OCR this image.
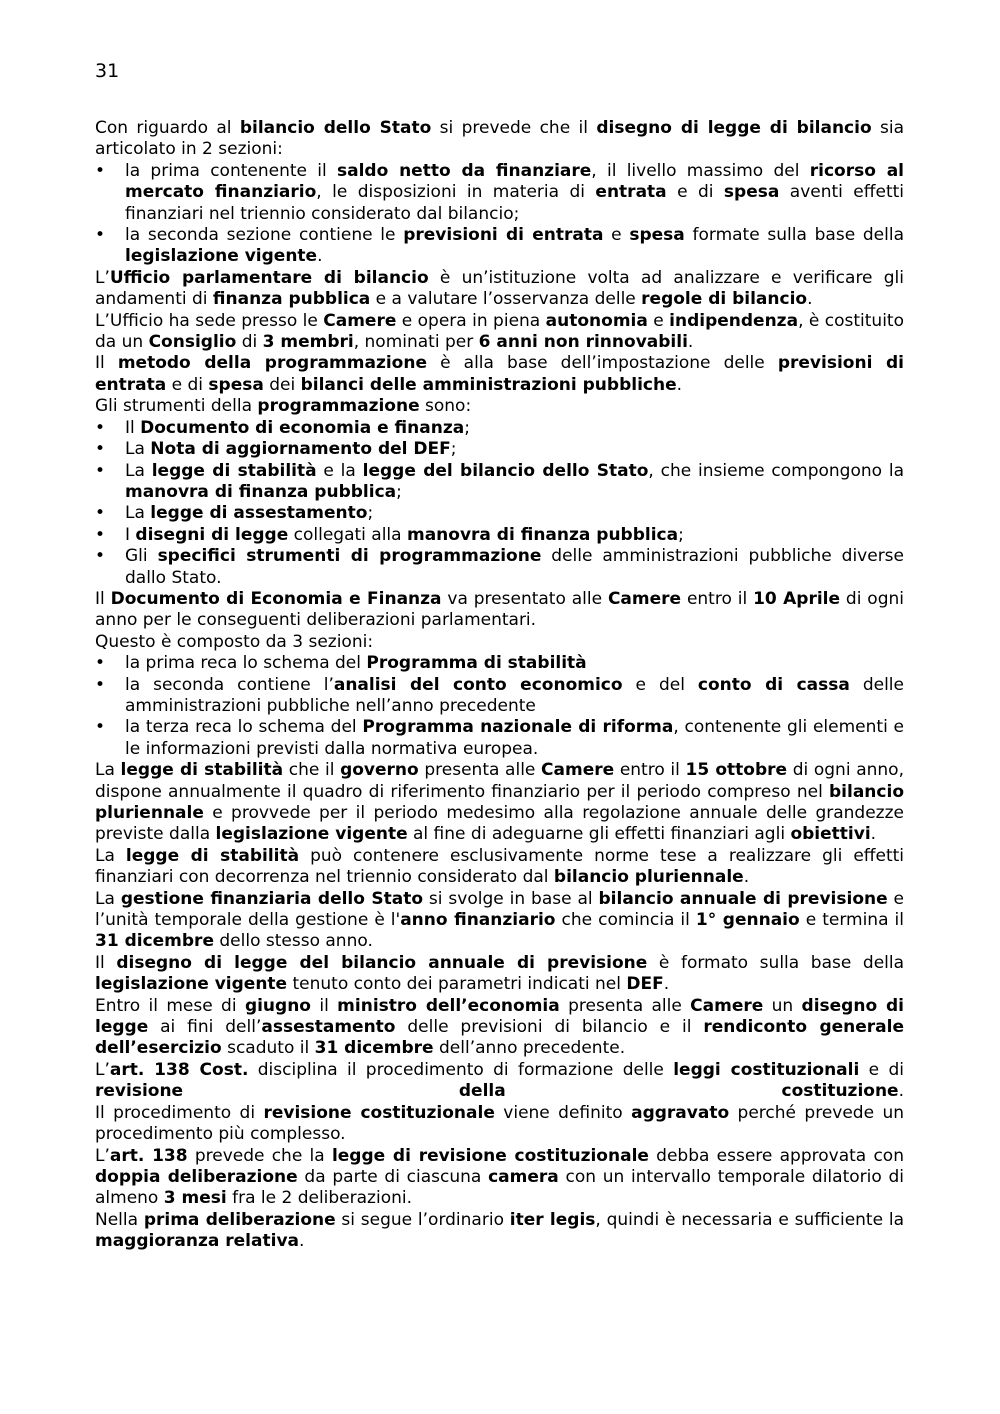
31
Con riguardo al bilancio dello Stato si prevede che il disegno di legge di bilancio sia articolato in 2 sezioni:
• la prima contenente il saldo netto da finanziare, il livello massimo del ricorso al mercato finanziario, le disposizioni in materia di entrata e di spesa aventi effetti finanziari nel triennio considerato dal bilancio;
• la seconda sezione contiene le previsioni di entrata e spesa formate sulla base della legislazione vigente.
L’Ufficio parlamentare di bilancio è un’istituzione volta ad analizzare e verificare gli andamenti di finanza pubblica e a valutare l’osservanza delle regole di bilancio.
L’Ufficio ha sede presso le Camere e opera in piena autonomia e indipendenza, è costituito da un Consiglio di 3 membri, nominati per 6 anni non rinnovabili.
Il metodo della programmazione è alla base dell’impostazione delle previsioni di entrata e di spesa dei bilanci delle amministrazioni pubbliche.
Gli strumenti della programmazione sono:
• Il Documento di economia e finanza;
• La Nota di aggiornamento del DEF;
• La legge di stabilità e la legge del bilancio dello Stato, che insieme compongono la manovra di finanza pubblica;
• La legge di assestamento;
• I disegni di legge collegati alla manovra di finanza pubblica;
• Gli specifici strumenti di programmazione delle amministrazioni pubbliche diverse dallo Stato.
Il Documento di Economia e Finanza va presentato alle Camere entro il 10 Aprile di ogni anno per le conseguenti deliberazioni parlamentari.
Questo è composto da 3 sezioni:
• la prima reca lo schema del Programma di stabilità
• la seconda contiene l’analisi del conto economico e del conto di cassa delle amministrazioni pubbliche nell’anno precedente
• la terza reca lo schema del Programma nazionale di riforma, contenente gli elementi e le informazioni previsti dalla normativa europea.
La legge di stabilità che il governo presenta alle Camere entro il 15 ottobre di ogni anno, dispone annualmente il quadro di riferimento finanziario per il periodo compreso nel bilancio pluriennale e provvede per il periodo medesimo alla regolazione annuale delle grandezze previste dalla legislazione vigente al fine di adeguarne gli effetti finanziari agli obiettivi.
La legge di stabilità può contenere esclusivamente norme tese a realizzare gli effetti finanziari con decorrenza nel triennio considerato dal bilancio pluriennale.
La gestione finanziaria dello Stato si svolge in base al bilancio annuale di previsione e l’unità temporale della gestione è l'anno finanziario che comincia il 1° gennaio e termina il 31 dicembre dello stesso anno.
Il disegno di legge del bilancio annuale di previsione è formato sulla base della legislazione vigente tenuto conto dei parametri indicati nel DEF.
Entro il mese di giugno il ministro dell’economia presenta alle Camere un disegno di legge ai fini dell’assestamento delle previsioni di bilancio e il rendiconto generale dell’esercizio scaduto il 31 dicembre dell’anno precedente.
L’art. 138 Cost. disciplina il procedimento di formazione delle leggi costituzionali e di revisione della costituzione.
Il procedimento di revisione costituzionale viene definito aggravato perché prevede un procedimento più complesso.
L’art. 138 prevede che la legge di revisione costituzionale debba essere approvata con doppia deliberazione da parte di ciascuna camera con un intervallo temporale dilatorio di almeno 3 mesi fra le 2 deliberazioni.
Nella prima deliberazione si segue l’ordinario iter legis, quindi è necessaria e sufficiente la maggioranza relativa.
